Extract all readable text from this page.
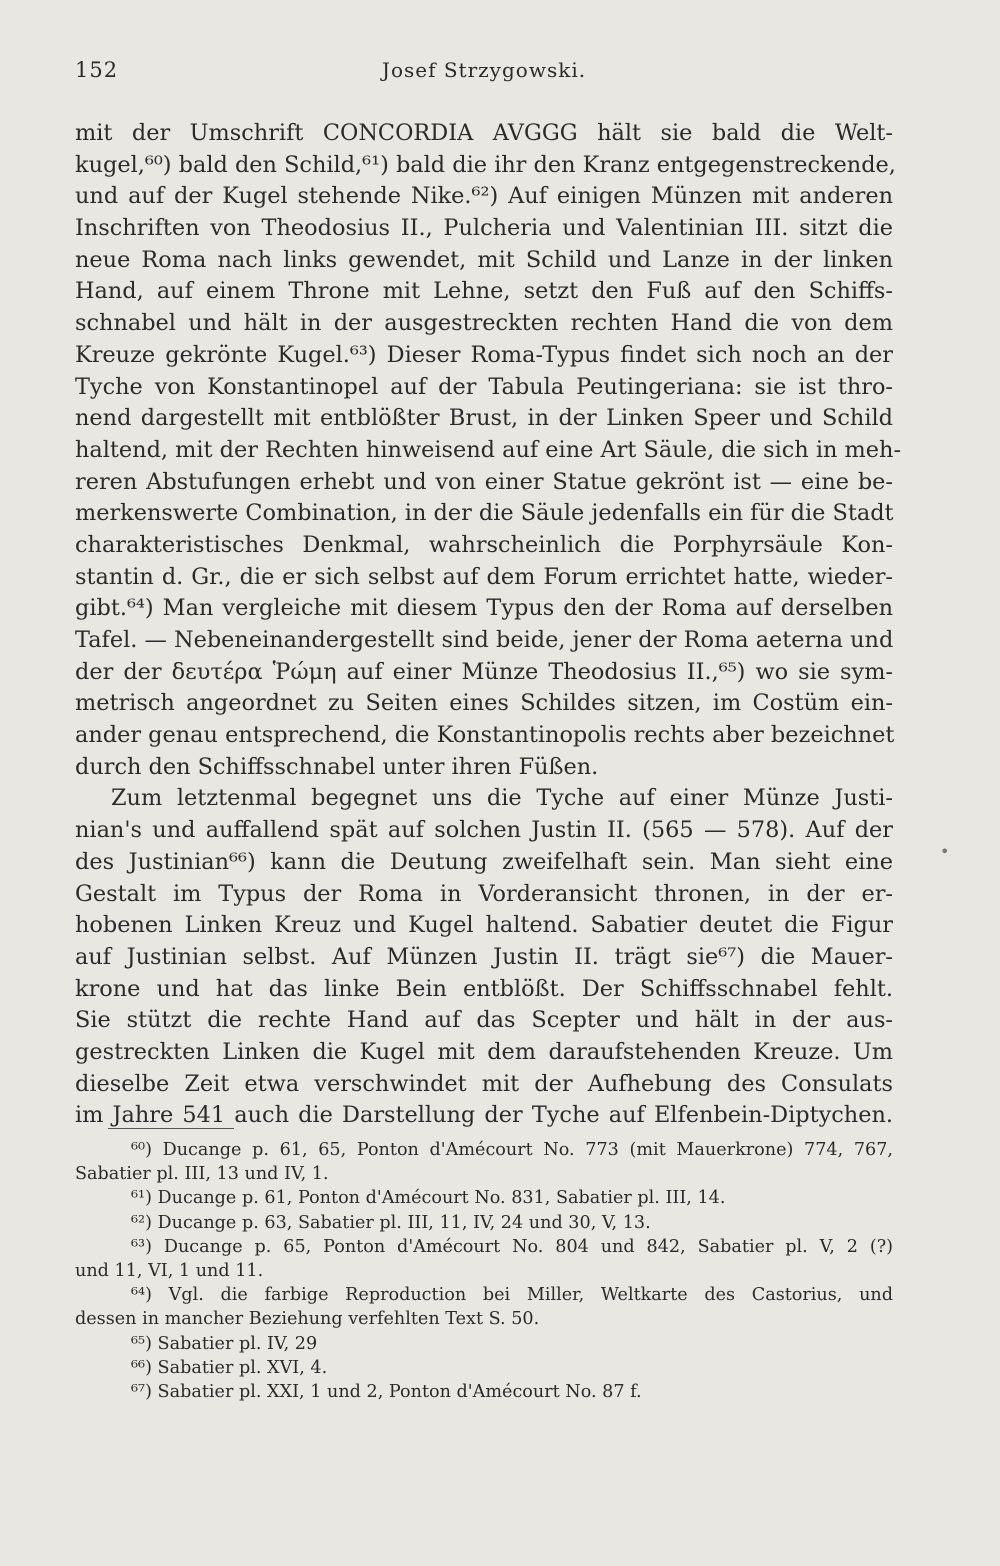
Josef Strzygowski.
152
mit der Umschrift CONCORDIA AVGGG hält sie bald die Welt-
kugel,⁶⁰) bald den Schild,⁶¹) bald die ihr den Kranz entgegenstreckende,
und auf der Kugel stehende Nike.⁶²) Auf einigen Münzen mit anderen
Inschriften von Theodosius II., Pulcheria und Valentinian III. sitzt die
neue Roma nach links gewendet, mit Schild und Lanze in der linken
Hand, auf einem Throne mit Lehne, setzt den Fuß auf den Schiffs-
schnabel und hält in der ausgestreckten rechten Hand die von dem
Kreuze gekrönte Kugel.⁶³) Dieser Roma-Typus findet sich noch an der
Tyche von Konstantinopel auf der Tabula Peutingeriana: sie ist thro-
nend dargestellt mit entblößter Brust, in der Linken Speer und Schild
haltend, mit der Rechten hinweisend auf eine Art Säule, die sich in meh-
reren Abstufungen erhebt und von einer Statue gekrönt ist — eine be-
merkenswerte Combination, in der die Säule jedenfalls ein für die Stadt
charakteristisches Denkmal, wahrscheinlich die Porphyrsäule Kon-
stantin d. Gr., die er sich selbst auf dem Forum errichtet hatte, wieder-
gibt.⁶⁴) Man vergleiche mit diesem Typus den der Roma auf derselben
Tafel. — Nebeneinandergestellt sind beide, jener der Roma aeterna und
der der δευτέρα Ῥώμη auf einer Münze Theodosius II.,⁶⁵) wo sie sym-
metrisch angeordnet zu Seiten eines Schildes sitzen, im Costüm ein-
ander genau entsprechend, die Konstantinopolis rechts aber bezeichnet
durch den Schiffsschnabel unter ihren Füßen.
Zum letztenmal begegnet uns die Tyche auf einer Münze Justi-
nian's und auffallend spät auf solchen Justin II. (565 — 578). Auf der
des Justinian⁶⁶) kann die Deutung zweifelhaft sein. Man sieht eine
Gestalt im Typus der Roma in Vorderansicht thronen, in der er-
hobenen Linken Kreuz und Kugel haltend. Sabatier deutet die Figur
auf Justinian selbst. Auf Münzen Justin II. trägt sie⁶⁷) die Mauer-
krone und hat das linke Bein entblößt. Der Schiffsschnabel fehlt.
Sie stützt die rechte Hand auf das Scepter und hält in der aus-
gestreckten Linken die Kugel mit dem daraufstehenden Kreuze. Um
dieselbe Zeit etwa verschwindet mit der Aufhebung des Consulats
im Jahre 541 auch die Darstellung der Tyche auf Elfenbein-Diptychen.
⁶⁰) Ducange p. 61, 65, Ponton d'Amécourt No. 773 (mit Mauerkrone) 774, 767,
Sabatier pl. III, 13 und IV, 1.
⁶¹) Ducange p. 61, Ponton d'Amécourt No. 831, Sabatier pl. III, 14.
⁶²) Ducange p. 63, Sabatier pl. III, 11, IV, 24 und 30, V, 13.
⁶³) Ducange p. 65, Ponton d'Amécourt No. 804 und 842, Sabatier pl. V, 2 (?)
und 11, VI, 1 und 11.
⁶⁴) Vgl. die farbige Reproduction bei Miller, Weltkarte des Castorius, und
dessen in mancher Beziehung verfehlten Text S. 50.
⁶⁵) Sabatier pl. IV, 29
⁶⁶) Sabatier pl. XVI, 4.
⁶⁷) Sabatier pl. XXI, 1 und 2, Ponton d'Amécourt No. 87 f.
•
